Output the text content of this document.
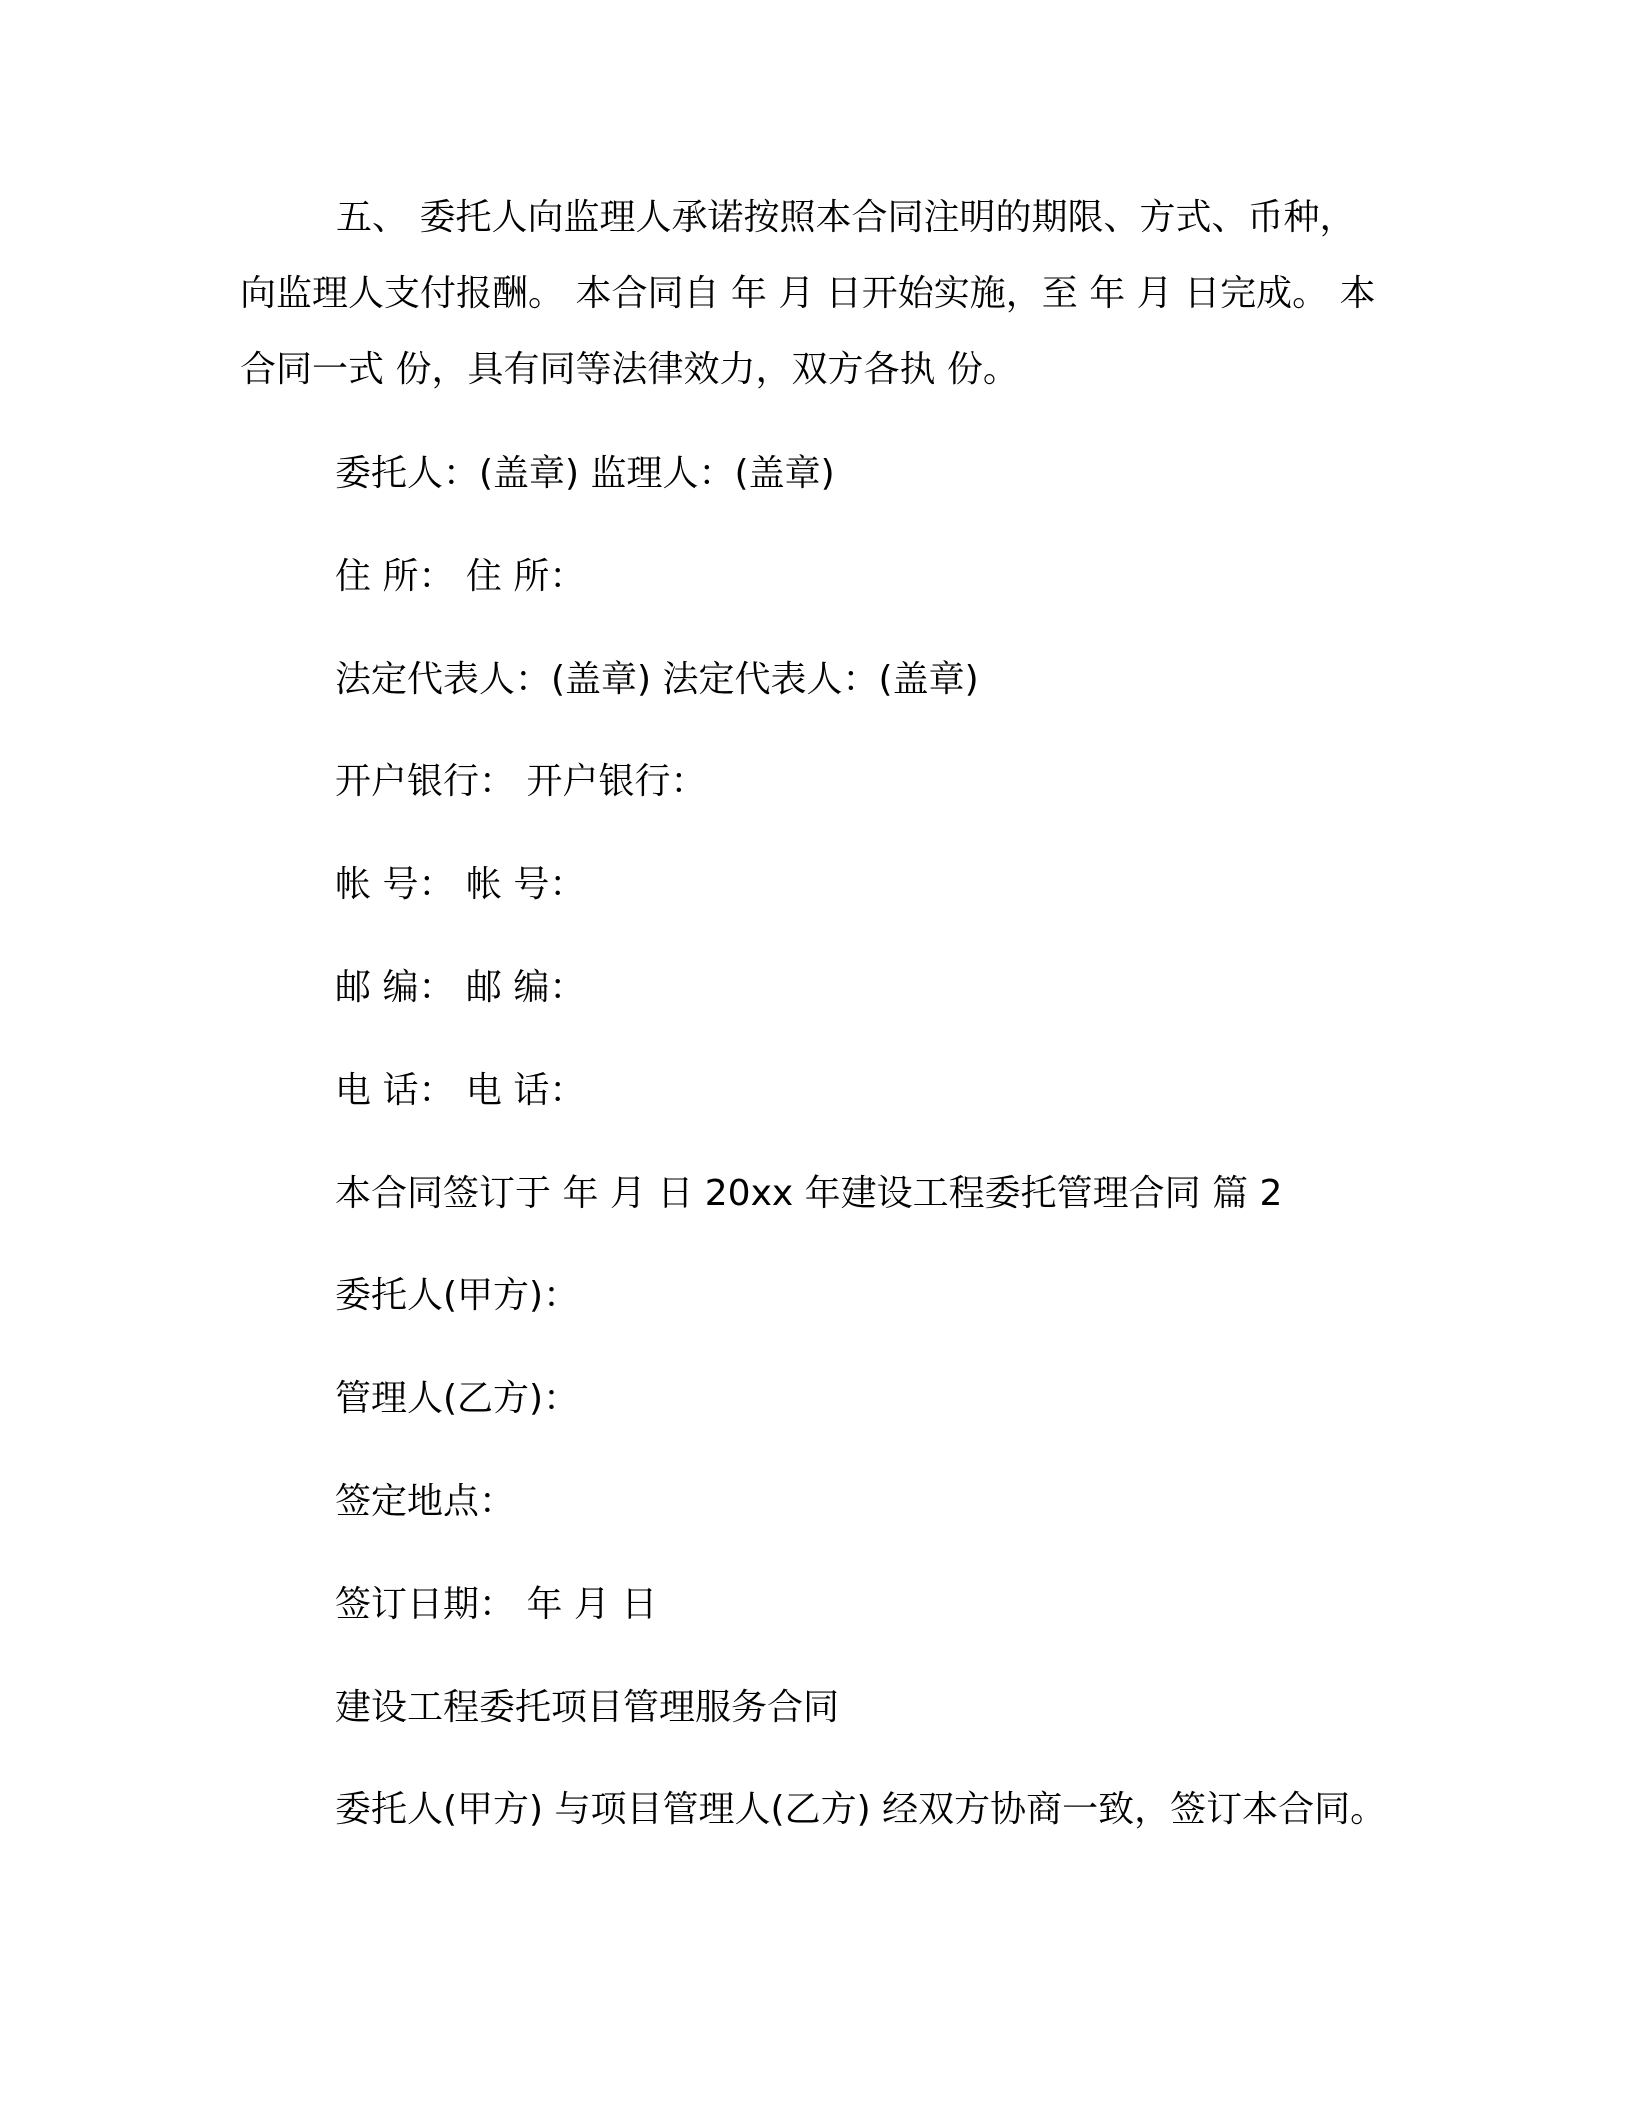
五、 委托人向监理人承诺按照本合同注明的期限、方式、币种，向监理人支付报酬。 本合同自 年 月 日开始实施，至 年 月 日完成。 本合同一式 份，具有同等法律效力，双方各执 份。

委托人：(盖章) 监理人：(盖章)

住 所： 住 所：

法定代表人：(盖章) 法定代表人：(盖章)

开户银行： 开户银行：

帐 号： 帐 号：

邮 编： 邮 编：

电 话： 电 话：

本合同签订于 年 月 日 20xx 年建设工程委托管理合同 篇 2

委托人(甲方)：

管理人(乙方)：

签定地点：

签订日期： 年 月 日

建设工程委托项目管理服务合同

委托人(甲方) 与项目管理人(乙方) 经双方协商一致，签订本合同。
